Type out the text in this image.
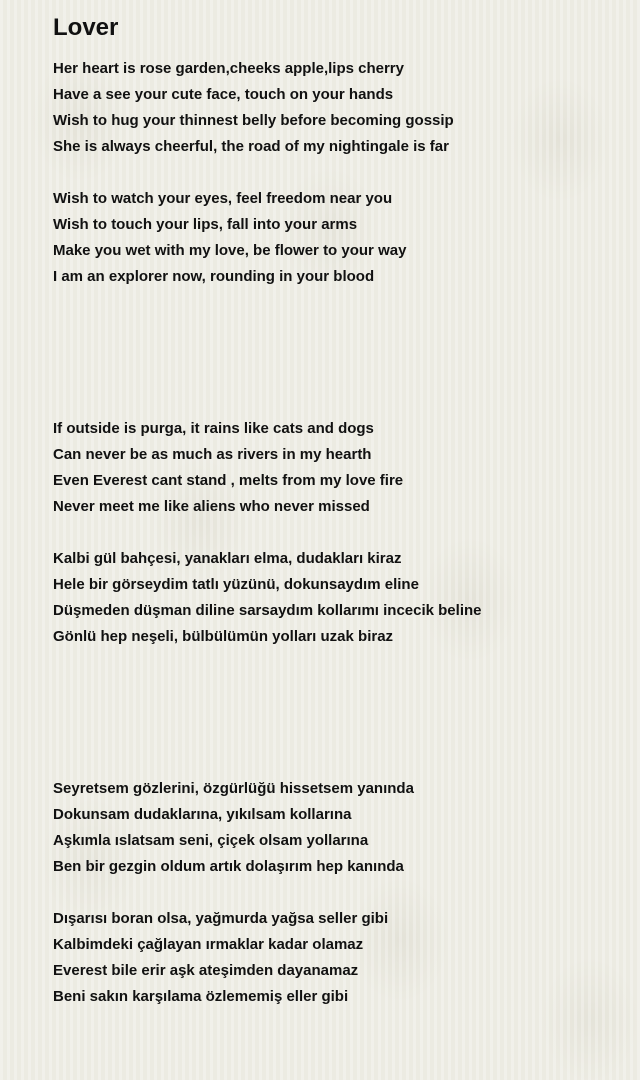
Lover
Her heart is rose garden,cheeks apple,lips cherry
Have a see your cute face, touch on your hands
Wish to hug your thinnest belly before becoming gossip
She is always cheerful, the road of my nightingale is far
Wish to watch your eyes, feel freedom near you
Wish to touch your lips, fall into your arms
Make you wet with my love, be flower to your way
I am an explorer now, rounding in your blood
If outside is purga, it rains like cats and dogs
Can never be as much as rivers in my hearth
Even Everest cant stand , melts from my love fire
Never meet me like aliens who never missed
Kalbi gül bahçesi, yanakları elma, dudakları kiraz
Hele bir görseydim tatlı yüzünü, dokunsaydım eline
Düşmeden düşman diline sarsaydım kollarımı incecik beline
Gönlü hep neşeli, bülbülümün yolları uzak biraz
Seyretsem gözlerini, özgürlüğü hissetsem yanında
Dokunsam dudaklarına, yıkılsam kollarına
Aşkımla ıslatsam seni, çiçek olsam yollarına
Ben bir gezgin oldum artık dolaşırım hep kanında
Dışarısı boran olsa, yağmurda yağsa seller gibi
Kalbimdeki çağlayan ırmaklar kadar olamaz
Everest bile erir aşk ateşimden dayanamaz
Beni sakın karşılama özlememiş eller gibi
